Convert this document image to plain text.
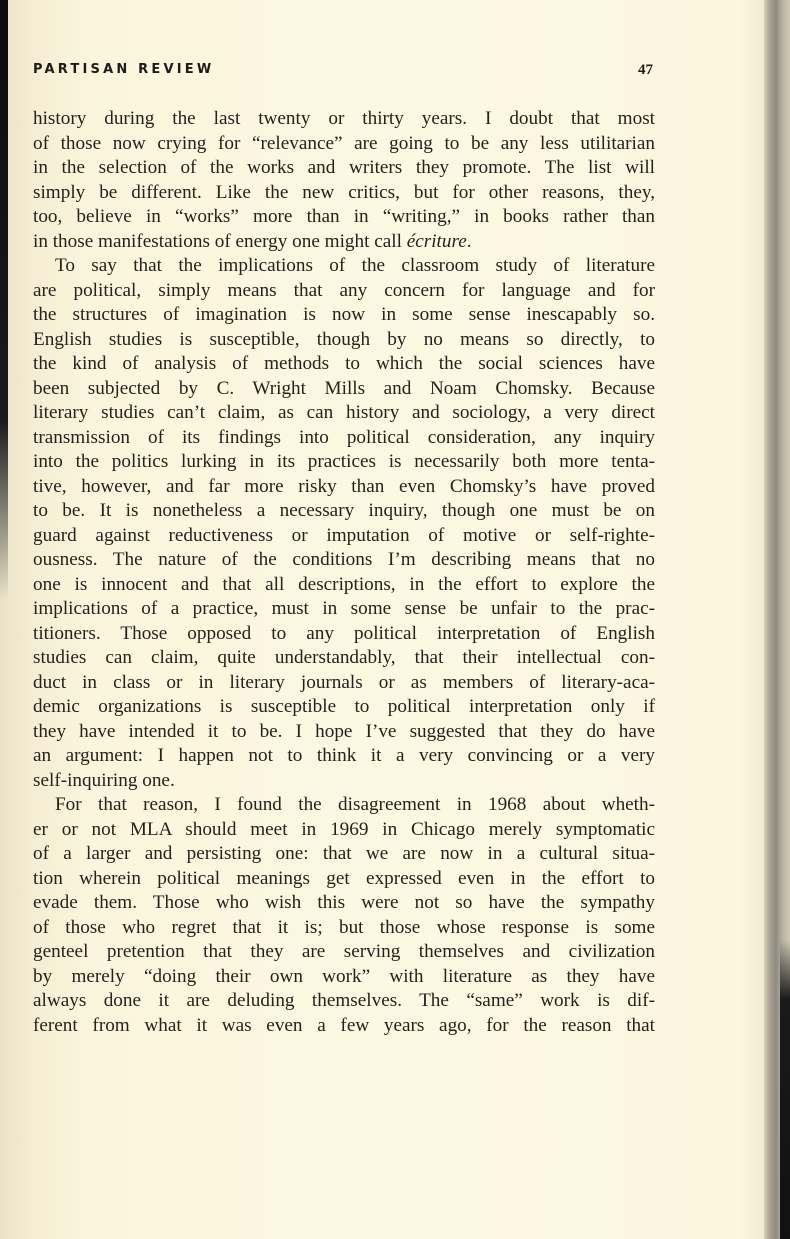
PARTISAN REVIEW	47
history during the last twenty or thirty years. I doubt that most
of those now crying for “relevance” are going to be any less utilitarian
in the selection of the works and writers they promote. The list will
simply be different. Like the new critics, but for other reasons, they,
too, believe in “works” more than in “writing,” in books rather than
in those manifestations of energy one might call écriture.
To say that the implications of the classroom study of literature
are political, simply means that any concern for language and for
the structures of imagination is now in some sense inescapably so.
English studies is susceptible, though by no means so directly, to
the kind of analysis of methods to which the social sciences have
been subjected by C. Wright Mills and Noam Chomsky. Because
literary studies can’t claim, as can history and sociology, a very direct
transmission of its findings into political consideration, any inquiry
into the politics lurking in its practices is necessarily both more tenta-
tive, however, and far more risky than even Chomsky’s have proved
to be. It is nonetheless a necessary inquiry, though one must be on
guard against reductiveness or imputation of motive or self-righte-
ousness. The nature of the conditions I’m describing means that no
one is innocent and that all descriptions, in the effort to explore the
implications of a practice, must in some sense be unfair to the prac-
titioners. Those opposed to any political interpretation of English
studies can claim, quite understandably, that their intellectual con-
duct in class or in literary journals or as members of literary-aca-
demic organizations is susceptible to political interpretation only if
they have intended it to be. I hope I’ve suggested that they do have
an argument: I happen not to think it a very convincing or a very
self-inquiring one.
For that reason, I found the disagreement in 1968 about wheth-
er or not MLA should meet in 1969 in Chicago merely symptomatic
of a larger and persisting one: that we are now in a cultural situa-
tion wherein political meanings get expressed even in the effort to
evade them. Those who wish this were not so have the sympathy
of those who regret that it is; but those whose response is some
genteel pretention that they are serving themselves and civilization
by merely “doing their own work” with literature as they have
always done it are deluding themselves. The “same” work is dif-
ferent from what it was even a few years ago, for the reason that
